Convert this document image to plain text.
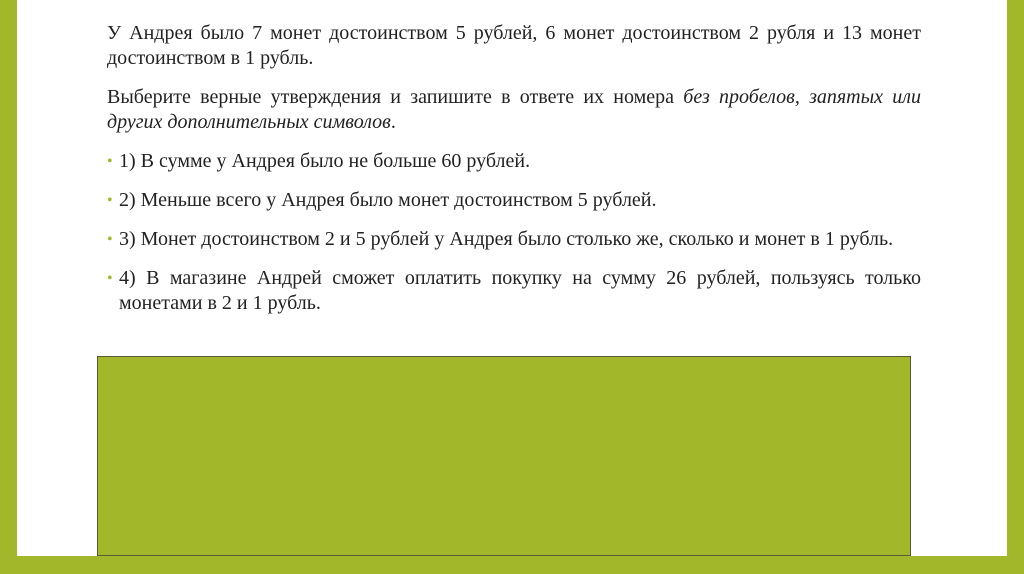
У Андрея было 7 монет достоинством 5 рублей, 6 монет достоинством 2 рубля и 13 монет достоинством в 1 рубль.

Выберите верные утверждения и запишите в ответе их номера без пробелов, запятых или других дополнительных символов.

• 1) В сумме у Андрея было не больше 60 рублей.
• 2) Меньше всего у Андрея было монет достоинством 5 рублей.
• 3) Монет достоинством 2 и 5 рублей у Андрея было столько же, сколько и монет в 1 рубль.
• 4) В магазине Андрей сможет оплатить покупку на сумму 26 рублей, пользуясь только монетами в 2 и 1 рубль.
